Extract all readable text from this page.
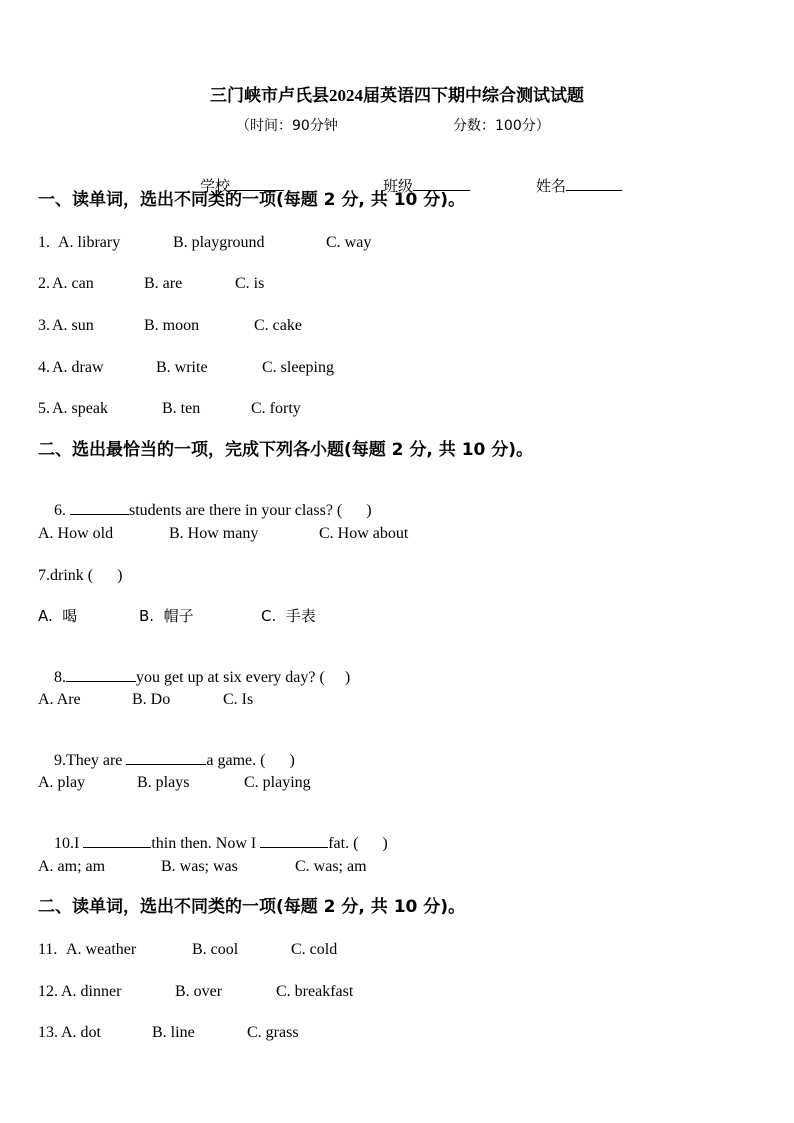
三门峡市卢氏县2024届英语四下期中综合测试试题
（时间：90分钟	分数：100分）

学校
	班级
	姓名

一、读单词，选出不同类的一项(每题 2 分, 共 10 分)。
1. A. library	B. playground	C. way
2. A. can	B. are	C. is
3. A. sun	B. moon	C. cake
4. A. draw	B. write	C. sleeping
5. A. speak	B. ten	C. forty
二、选出最恰当的一项，完成下列各小题(每题 2 分, 共 10 分)。

6.	students are there in your class? (      )

A. How old	B. How many	C. How about
7.drink (      )
A.  喝	B.  帽子	C.  手表

8.	you get up at six every day? (     )

A. Are	B. Do	C. Is

9.They are	a game. (      )

A. play	B. plays	C. playing

10.I	thin then. Now I	fat. (      )

A. am; am	B. was; was	C. was; am
二、读单词，选出不同类的一项(每题 2 分, 共 10 分)。
11. A. weather	B. cool	C. cold
12. A. dinner	B. over	C. breakfast
13. A. dot	B. line	C. grass
